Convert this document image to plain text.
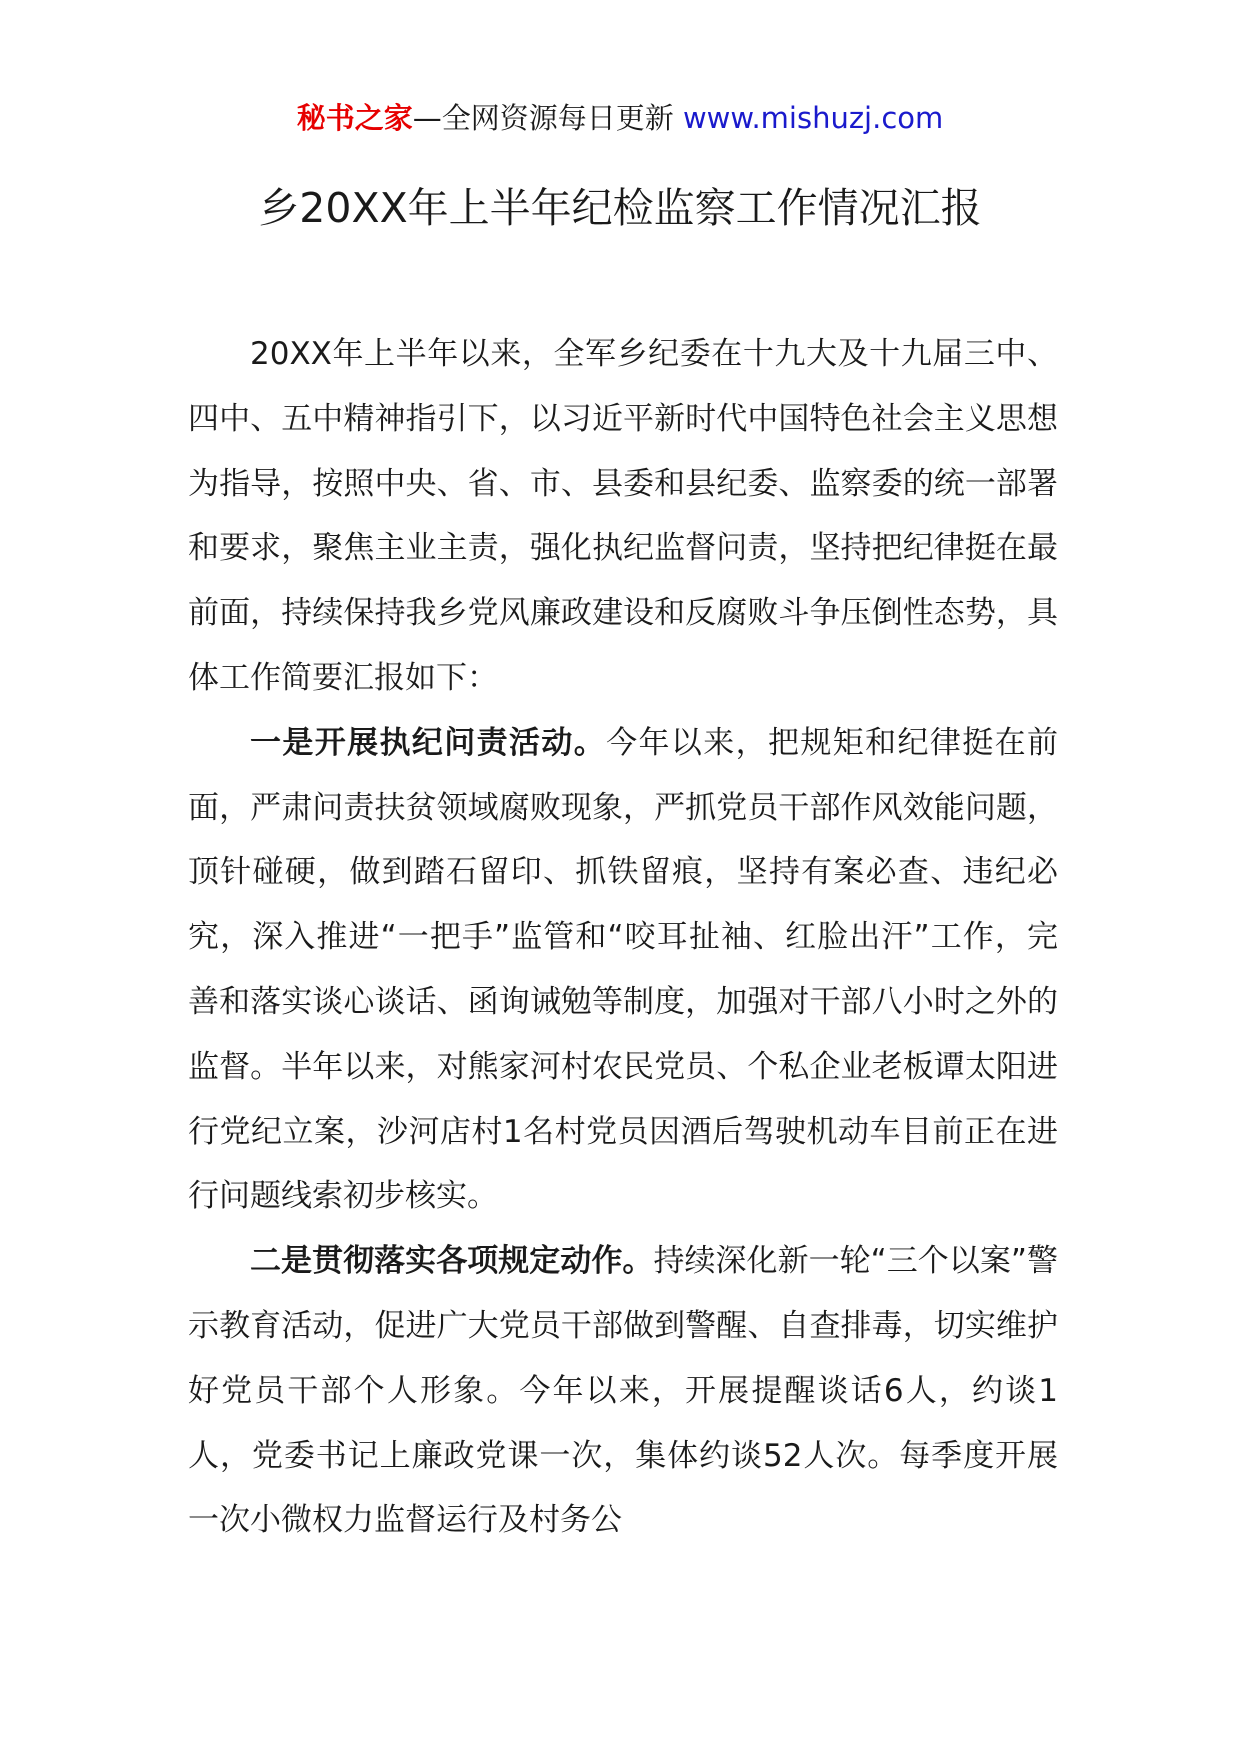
秘书之家—全网资源每日更新 www.mishuzj.com
乡20XX年上半年纪检监察工作情况汇报

20XX年上半年以来，全军乡纪委在十九大及十九届三中、四中、五中精神指引下，以习近平新时代中国特色社会主义思想为指导，按照中央、省、市、县委和县纪委、监察委的统一部署和要求，聚焦主业主责，强化执纪监督问责，坚持把纪律挺在最前面，持续保持我乡党风廉政建设和反腐败斗争压倒性态势，具体工作简要汇报如下：

一是开展执纪问责活动。今年以来，把规矩和纪律挺在前面，严肃问责扶贫领域腐败现象，严抓党员干部作风效能问题，顶针碰硬，做到踏石留印、抓铁留痕，坚持有案必查、违纪必究，深入推进“一把手”监管和“咬耳扯袖、红脸出汗”工作，完善和落实谈心谈话、函询诫勉等制度，加强对干部八小时之外的监督。半年以来，对熊家河村农民党员、个私企业老板谭太阳进行党纪立案，沙河店村1名村党员因酒后驾驶机动车目前正在进行问题线索初步核实。

二是贯彻落实各项规定动作。持续深化新一轮“三个以案”警示教育活动，促进广大党员干部做到警醒、自查排毒，切实维护好党员干部个人形象。今年以来，开展提醒谈话6人，约谈1人，党委书记上廉政党课一次，集体约谈52人次。每季度开展一次小微权力监督运行及村务公
